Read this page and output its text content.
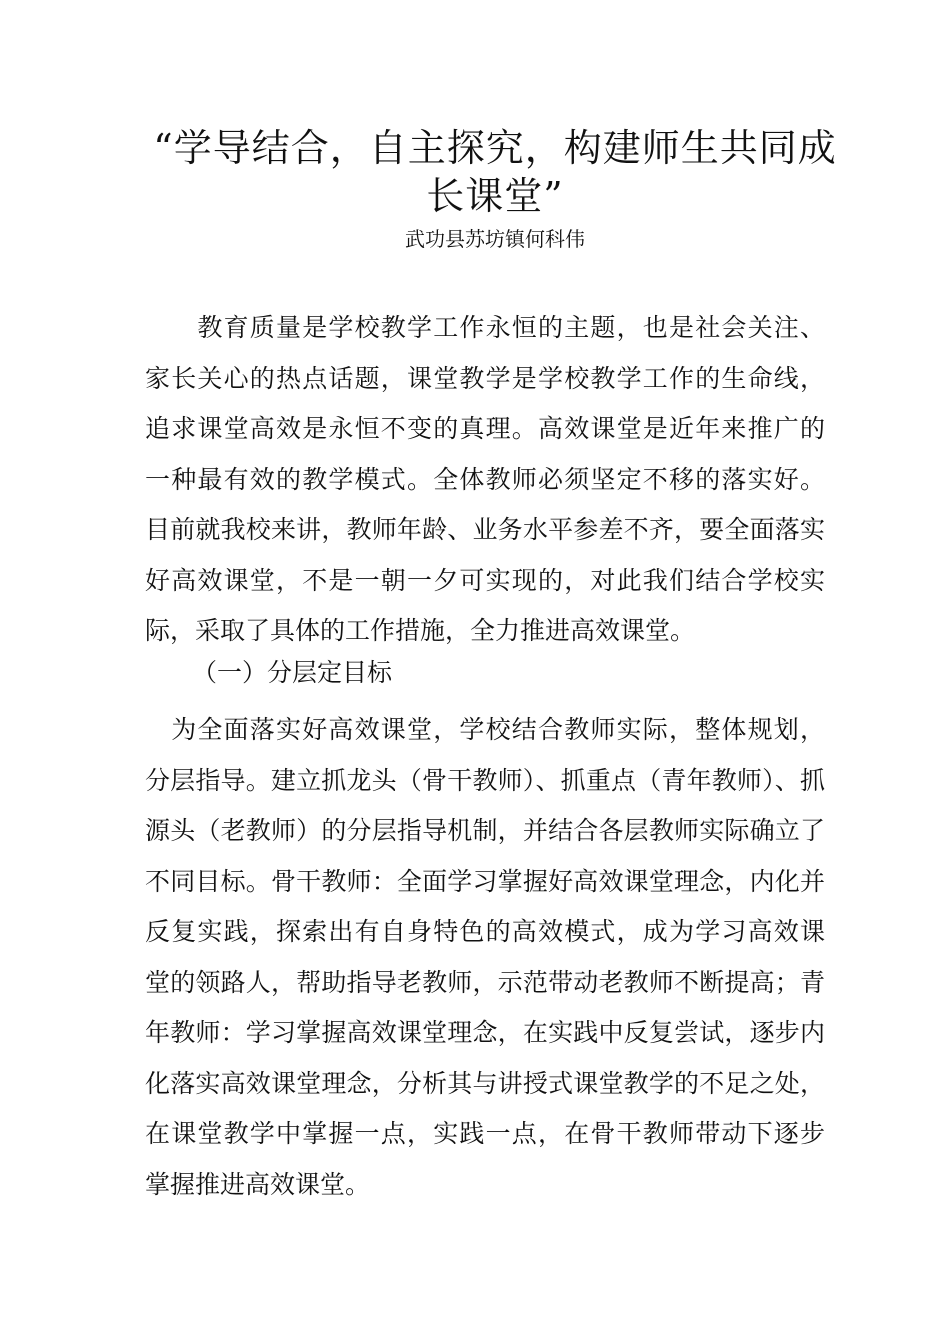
“学导结合，自主探究，构建师生共同成
长课堂”

武功县苏坊镇何科伟

　　教育质量是学校教学工作永恒的主题，也是社会关注、
家长关心的热点话题，课堂教学是学校教学工作的生命线，
追求课堂高效是永恒不变的真理。高效课堂是近年来推广的
一种最有效的教学模式。全体教师必须坚定不移的落实好。
目前就我校来讲，教师年龄、业务水平参差不齐，要全面落实
好高效课堂，不是一朝一夕可实现的，对此我们结合学校实
际，采取了具体的工作措施，全力推进高效课堂。
（一）分层定目标
　为全面落实好高效课堂，学校结合教师实际，整体规划，
分层指导。建立抓龙头（骨干教师）、抓重点（青年教师）、抓
源头（老教师）的分层指导机制，并结合各层教师实际确立了
不同目标。骨干教师：全面学习掌握好高效课堂理念，内化并
反复实践，探索出有自身特色的高效模式，成为学习高效课
堂的领路人，帮助指导老教师，示范带动老教师不断提高；青
年教师：学习掌握高效课堂理念，在实践中反复尝试，逐步内
化落实高效课堂理念，分析其与讲授式课堂教学的不足之处，
在课堂教学中掌握一点，实践一点，在骨干教师带动下逐步
掌握推进高效课堂。
